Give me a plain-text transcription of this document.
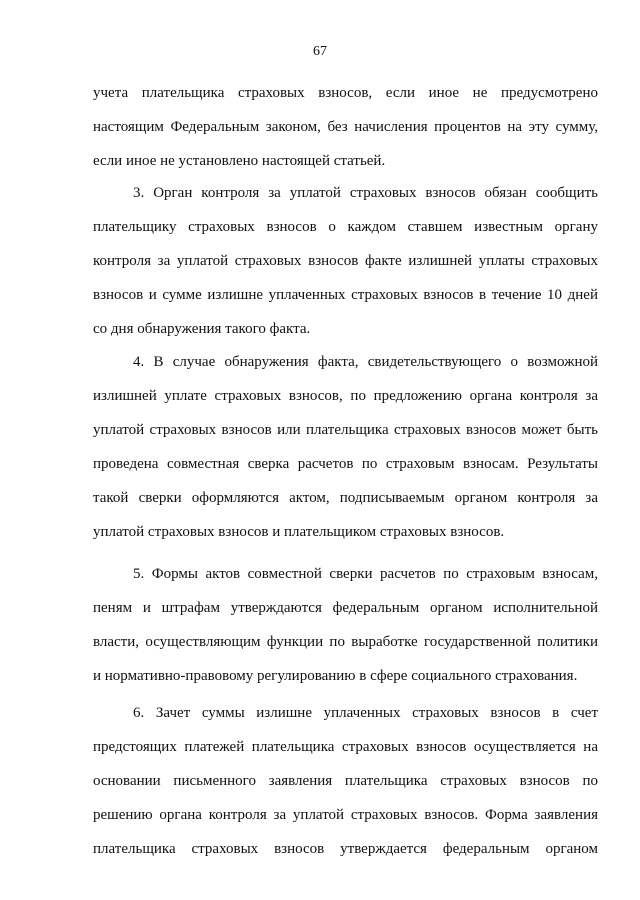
67
учета плательщика страховых взносов, если иное не предусмотрено
настоящим Федеральным законом, без начисления процентов на эту сумму,
если иное не установлено настоящей статьей.
3. Орган контроля за уплатой страховых взносов обязан сообщить
плательщику страховых взносов о каждом ставшем известным органу
контроля за уплатой страховых взносов факте излишней уплаты страховых
взносов и сумме излишне уплаченных страховых взносов в течение 10 дней
со дня обнаружения такого факта.
4. В случае обнаружения факта, свидетельствующего о возможной
излишней уплате страховых взносов, по предложению органа контроля за
уплатой страховых взносов или плательщика страховых взносов может быть
проведена совместная сверка расчетов по страховым взносам. Результаты
такой сверки оформляются актом, подписываемым органом контроля за
уплатой страховых взносов и плательщиком страховых взносов.
5. Формы актов совместной сверки расчетов по страховым взносам,
пеням и штрафам утверждаются федеральным органом исполнительной
власти, осуществляющим функции по выработке государственной политики
и нормативно-правовому регулированию в сфере социального страхования.
6. Зачет суммы излишне уплаченных страховых взносов в счет
предстоящих платежей плательщика страховых взносов осуществляется на
основании письменного заявления плательщика страховых взносов по
решению органа контроля за уплатой страховых взносов. Форма заявления
плательщика страховых взносов утверждается федеральным органом
